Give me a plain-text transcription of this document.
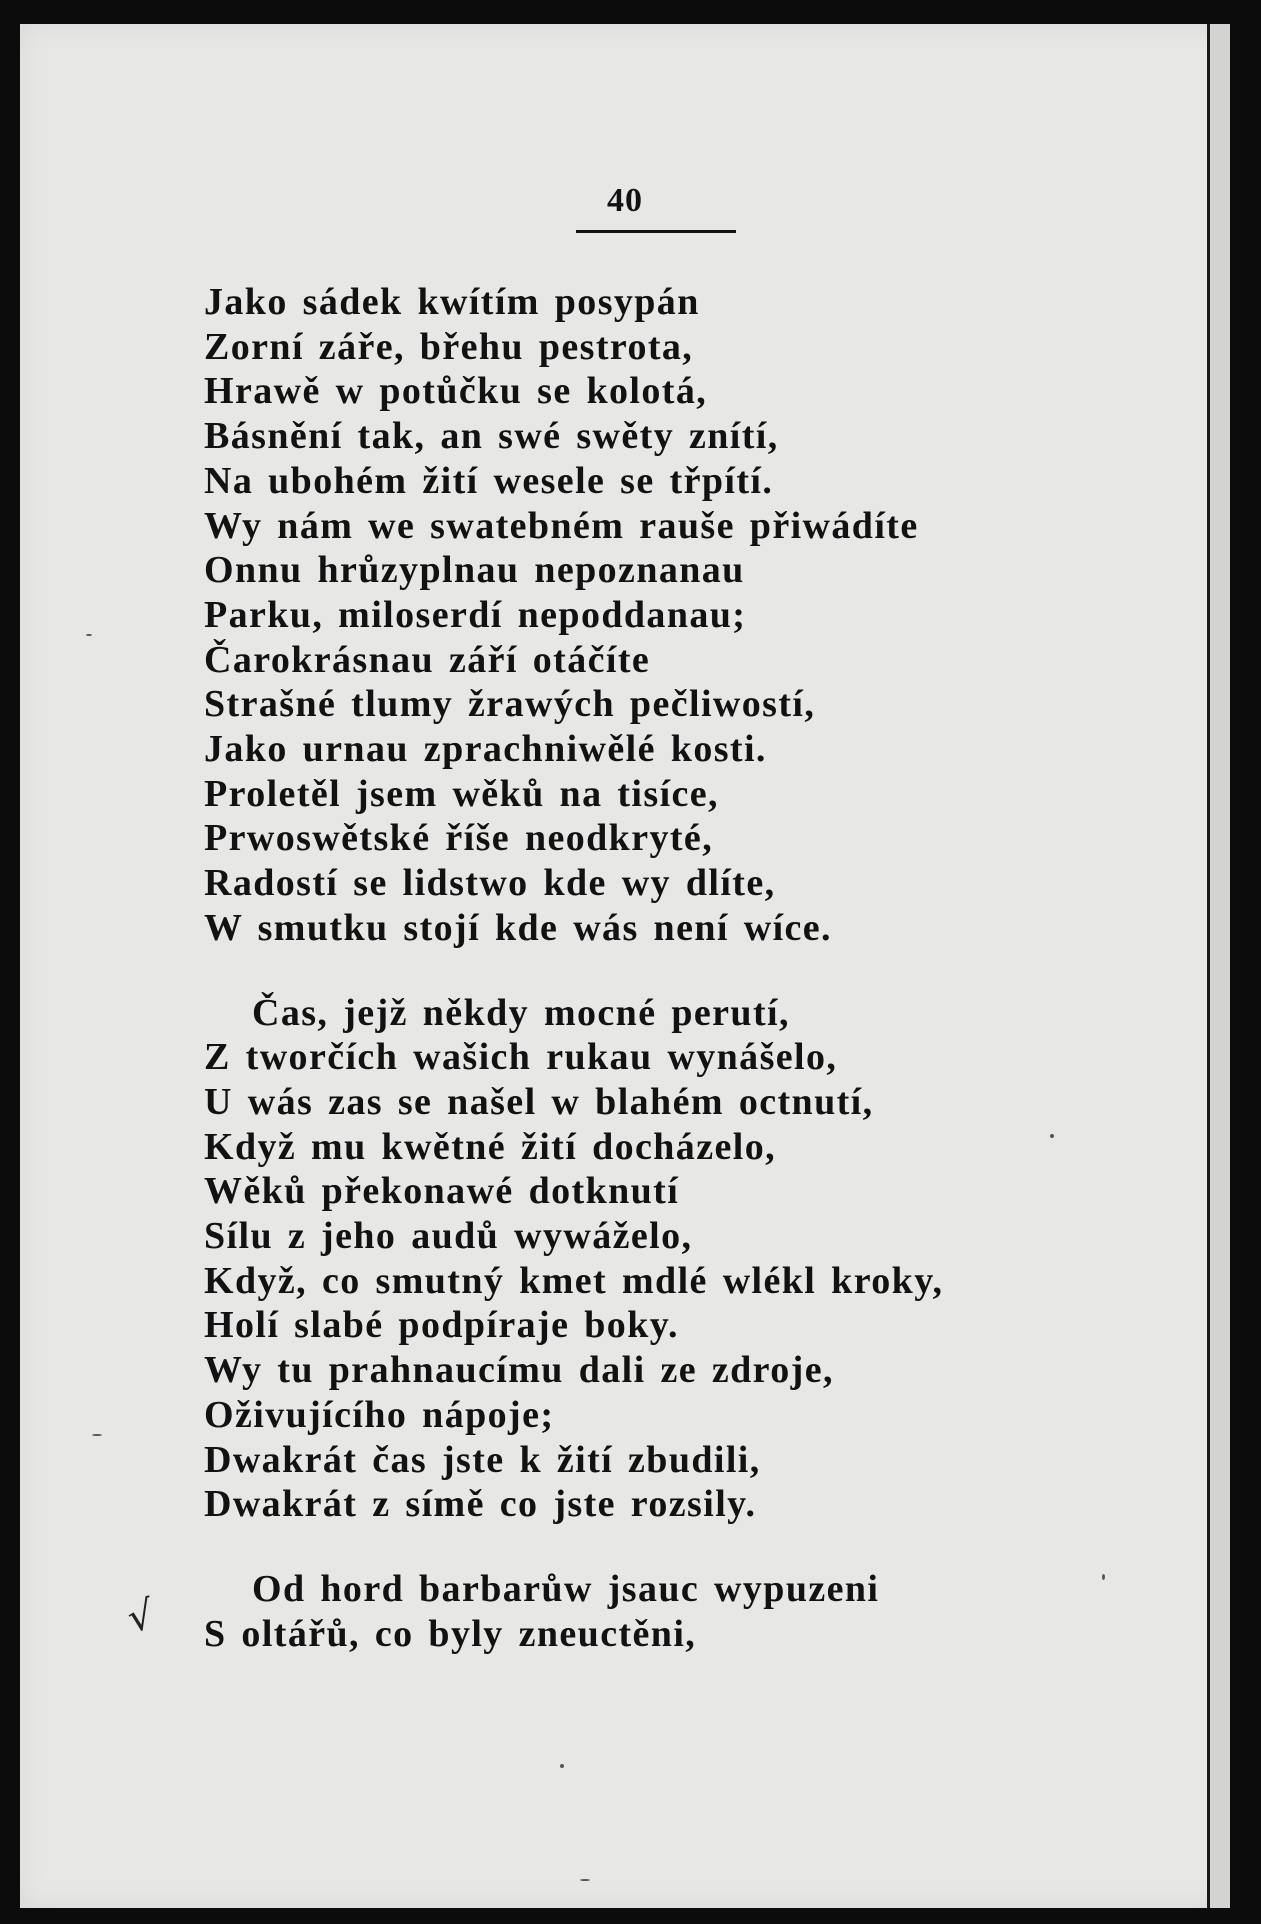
40
Jako sádek kwítím posypán
Zorní záře, břehu pestrota,
Hrawě w potůčku se kolotá,
Básnění tak, an swé swěty znítí,
Na ubohém žití wesele se třpítí.
Wy nám we swatebném rauše přiwádíte
Onnu hrůzyplnau nepoznanau
Parku, miloserdí nepoddanau;
Čarokrásnau září otáčíte
Strašné tlumy žrawých pečliwostí,
Jako urnau zprachniwělé kosti.
Proletěl jsem wěků na tisíce,
Prwoswětské říše neodkryté,
Radostí se lidstwo kde wy dlíte,
W smutku stojí kde wás není wíce.
Čas, jejž někdy mocné perutí,
Z tworčích wašich rukau wynášelo,
U wás zas se našel w blahém octnutí,
Když mu kwětné žití docházelo,
Wěků překonawé dotknutí
Sílu z jeho audů wywáželo,
Když, co smutný kmet mdlé wlékl kroky,
Holí slabé podpíraje boky.
Wy tu prahnaucímu dali ze zdroje,
Oživujícího nápoje;
Dwakrát čas jste k žití zbudili,
Dwakrát z símě co jste rozsily.
Od hord barbarůw jsauc wypuzeni
S oltářů, co byly zneuctěni,
√
